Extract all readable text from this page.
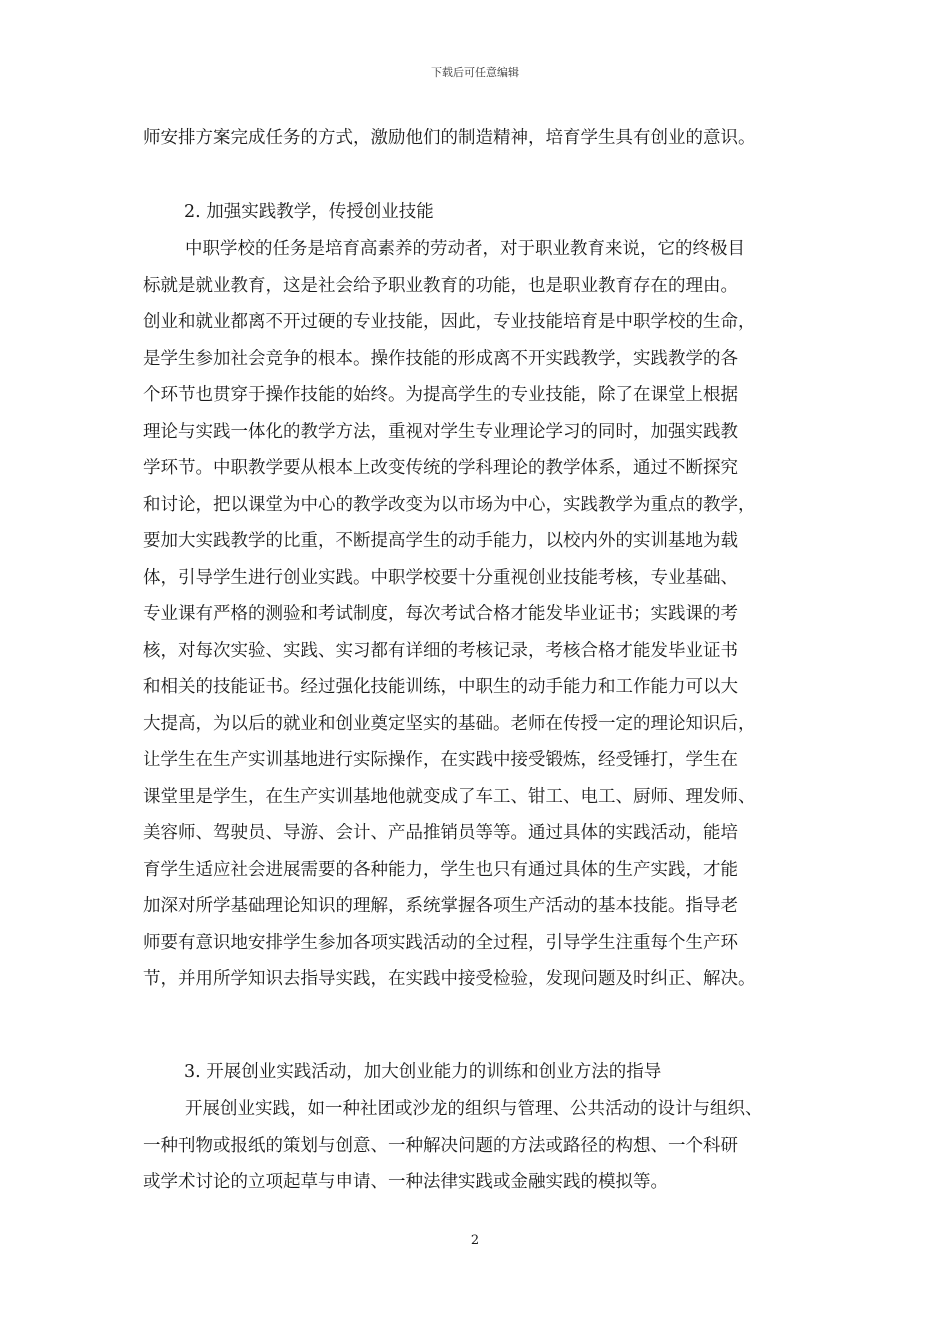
下载后可任意编辑
师安排方案完成任务的方式，激励他们的制造精神，培育学生具有创业的意识。
2. 加强实践教学，传授创业技能
中职学校的任务是培育高素养的劳动者，对于职业教育来说，它的终极目
标就是就业教育，这是社会给予职业教育的功能，也是职业教育存在的理由。
创业和就业都离不开过硬的专业技能，因此，专业技能培育是中职学校的生命，
是学生参加社会竞争的根本。操作技能的形成离不开实践教学，实践教学的各
个环节也贯穿于操作技能的始终。为提高学生的专业技能，除了在课堂上根据
理论与实践一体化的教学方法，重视对学生专业理论学习的同时，加强实践教
学环节。中职教学要从根本上改变传统的学科理论的教学体系，通过不断探究
和讨论，把以课堂为中心的教学改变为以市场为中心，实践教学为重点的教学，
要加大实践教学的比重，不断提高学生的动手能力，以校内外的实训基地为载
体，引导学生进行创业实践。中职学校要十分重视创业技能考核，专业基础、
专业课有严格的测验和考试制度，每次考试合格才能发毕业证书；实践课的考
核，对每次实验、实践、实习都有详细的考核记录，考核合格才能发毕业证书
和相关的技能证书。经过强化技能训练，中职生的动手能力和工作能力可以大
大提高，为以后的就业和创业奠定坚实的基础。老师在传授一定的理论知识后，
让学生在生产实训基地进行实际操作，在实践中接受锻炼，经受锤打，学生在
课堂里是学生，在生产实训基地他就变成了车工、钳工、电工、厨师、理发师、
美容师、驾驶员、导游、会计、产品推销员等等。通过具体的实践活动，能培
育学生适应社会进展需要的各种能力，学生也只有通过具体的生产实践，才能
加深对所学基础理论知识的理解，系统掌握各项生产活动的基本技能。指导老
师要有意识地安排学生参加各项实践活动的全过程，引导学生注重每个生产环
节，并用所学知识去指导实践，在实践中接受检验，发现问题及时纠正、解决。
3. 开展创业实践活动，加大创业能力的训练和创业方法的指导
开展创业实践，如一种社团或沙龙的组织与管理、公共活动的设计与组织、
一种刊物或报纸的策划与创意、一种解决问题的方法或路径的构想、一个科研
或学术讨论的立项起草与申请、一种法律实践或金融实践的模拟等。
2
